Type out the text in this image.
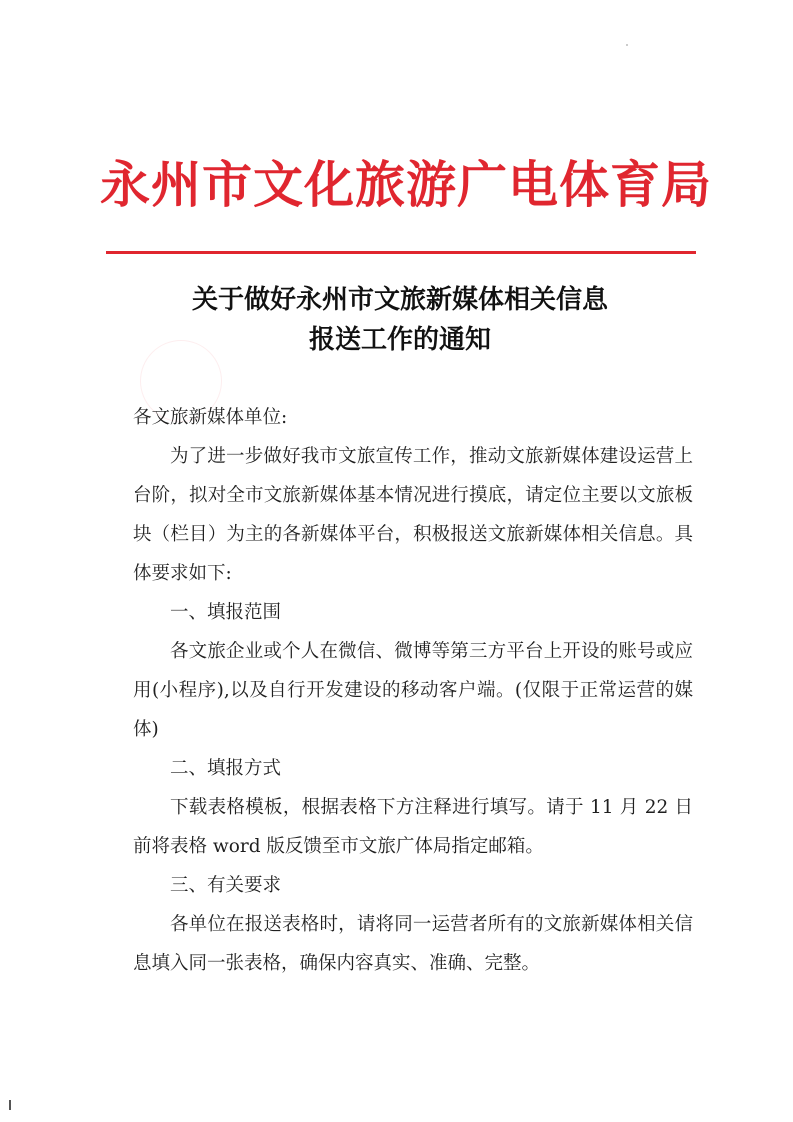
永州市文化旅游广电体育局
关于做好永州市文旅新媒体相关信息
报送工作的通知

各文旅新媒体单位:

为了进一步做好我市文旅宣传工作，推动文旅新媒体建设运营上台阶，拟对全市文旅新媒体基本情况进行摸底，请定位主要以文旅板块（栏目）为主的各新媒体平台，积极报送文旅新媒体相关信息。具体要求如下:

一、填报范围

各文旅企业或个人在微信、微博等第三方平台上开设的账号或应用(小程序),以及自行开发建设的移动客户端。(仅限于正常运营的媒体)

二、填报方式

下载表格模板，根据表格下方注释进行填写。请于 11 月 22 日前将表格 word 版反馈至市文旅广体局指定邮箱。

三、有关要求

各单位在报送表格时，请将同一运营者所有的文旅新媒体相关信息填入同一张表格，确保内容真实、准确、完整。
